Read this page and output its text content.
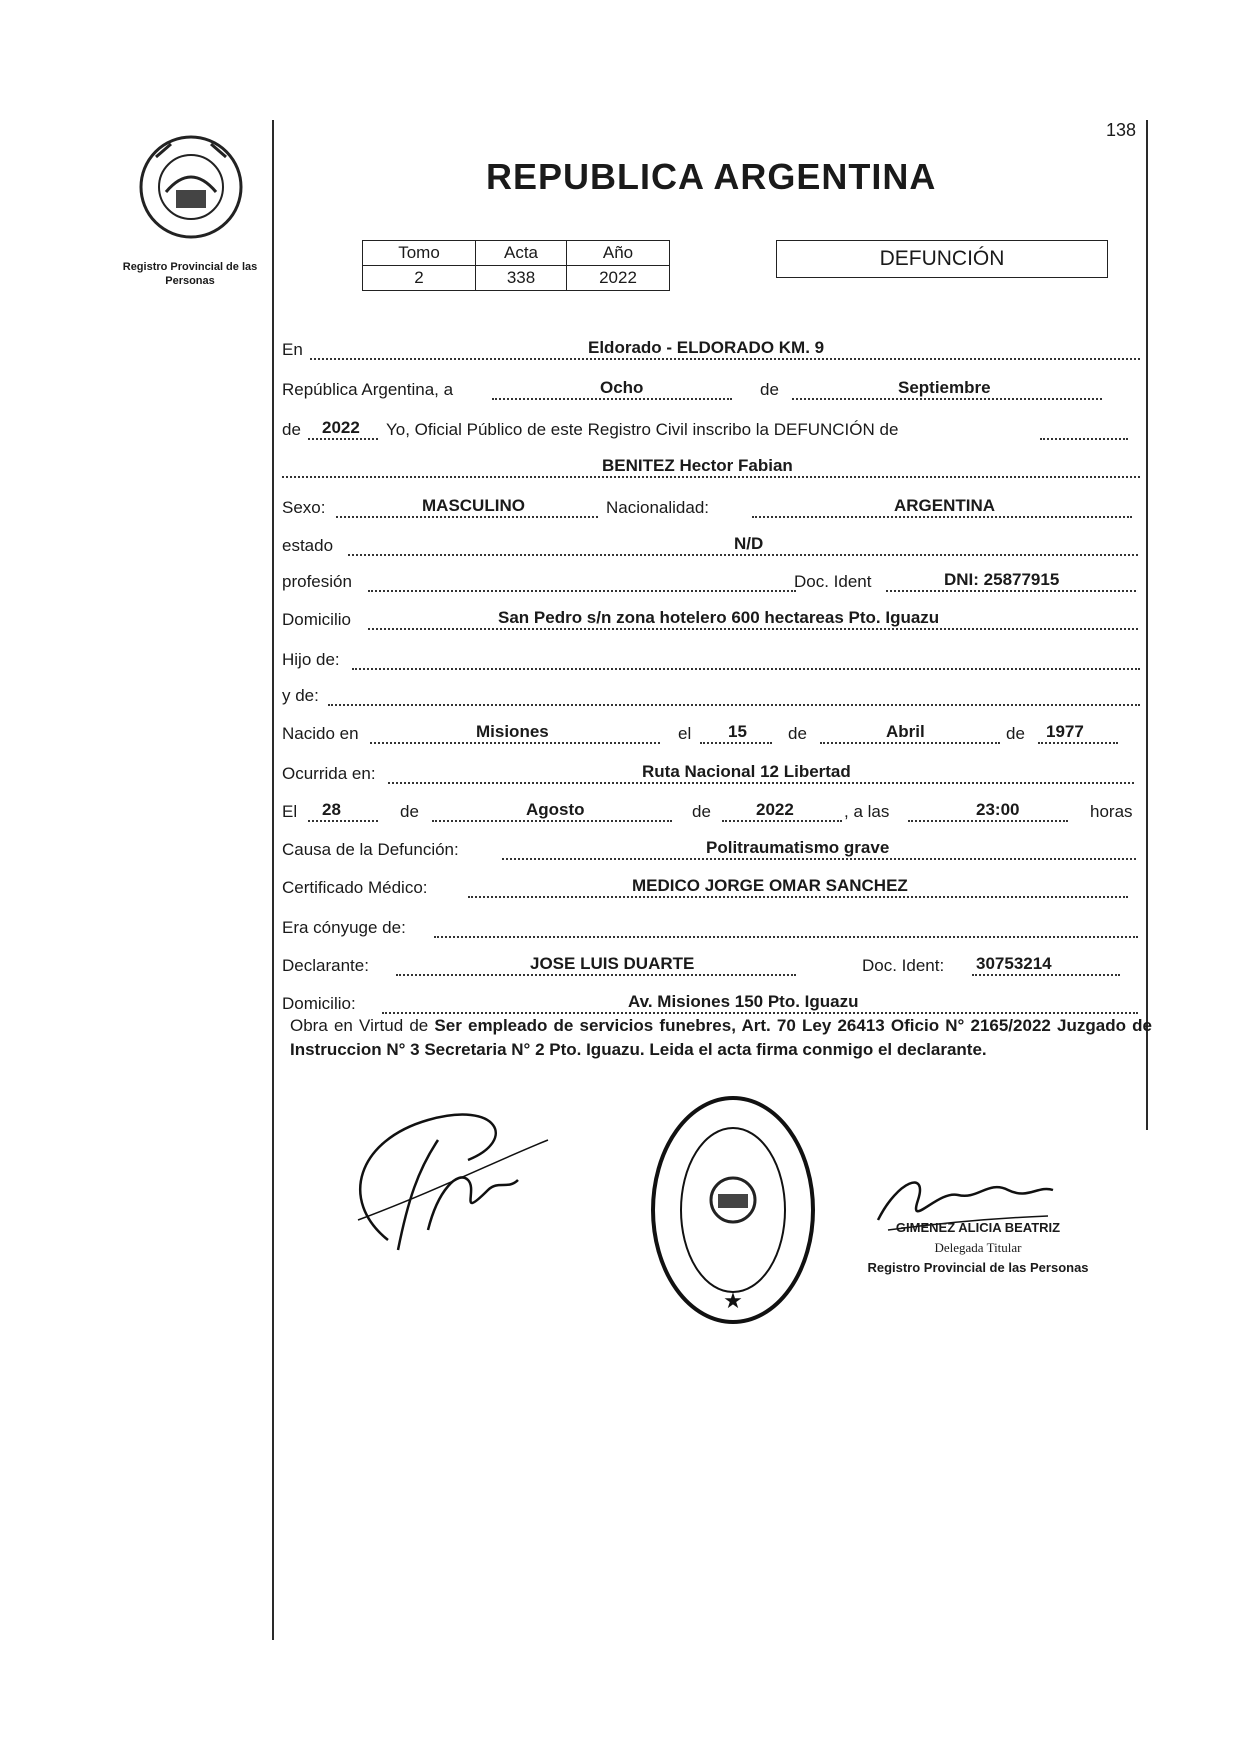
138
Registro Provincial de las Personas
REPUBLICA ARGENTINA
Tomo	Acta	Año
2	338	2022
DEFUNCIÓN
En	Eldorado - ELDORADO KM. 9
República Argentina, a	Ocho	de	Septiembre
de 2022 Yo, Oficial Público de este Registro Civil inscribo la DEFUNCIÓN de
BENITEZ Hector Fabian
Sexo:	MASCULINO	Nacionalidad:	ARGENTINA
estado	N/D
profesión	Doc. Ident	DNI: 25877915
Domicilio	San Pedro s/n zona hotelero 600 hectareas Pto. Iguazu
Hijo de:
y de:
Nacido en	Misiones	el 15 de	Abril	de 1977
Ocurrida en:	Ruta Nacional 12 Libertad
El 28	de	Agosto	de	2022	, a las	23:00	horas
Causa de la Defunción:	Politraumatismo grave
Certificado Médico:	MEDICO JORGE OMAR SANCHEZ
Era cónyuge de:
Declarante:	JOSE LUIS DUARTE	Doc. Ident: 30753214
Domicilio:	Av. Misiones 150 Pto. Iguazu
Obra en Virtud de Ser empleado de servicios funebres, Art. 70 Ley 26413 Oficio N° 2165/2022 Juzgado de Instruccion N° 3 Secretaria N° 2 Pto. Iguazu. Leida el acta firma conmigo el declarante.
★
GIMENEZ ALICIA BEATRIZ
Delegada Titular
Registro Provincial de las Personas
